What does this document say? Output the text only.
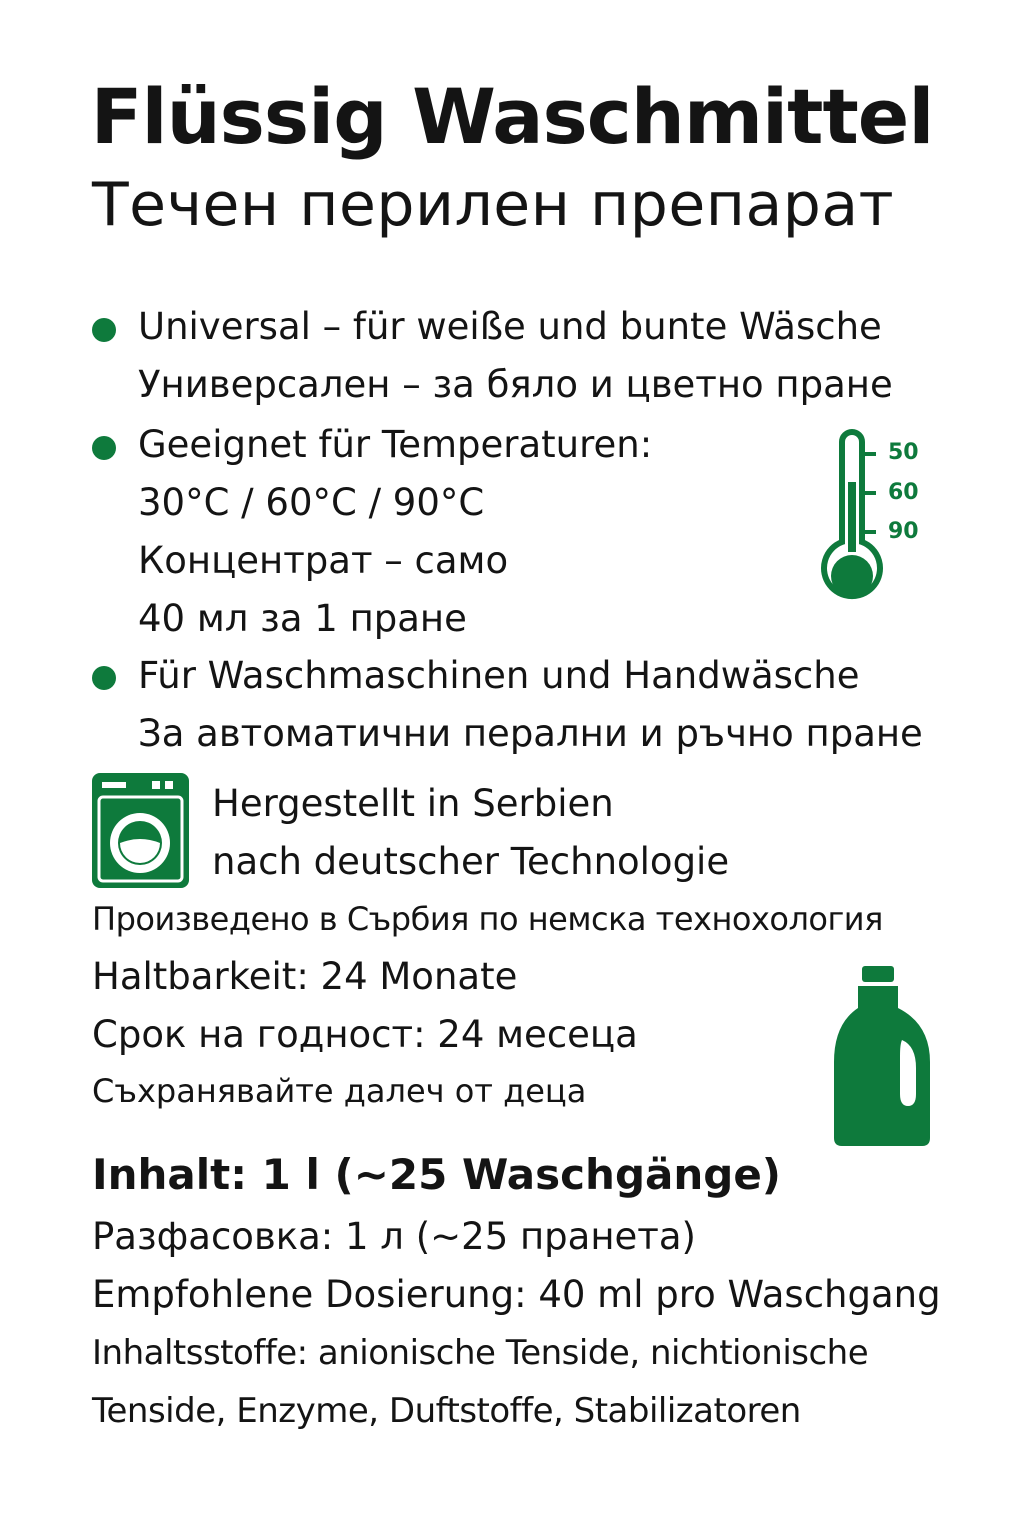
Flüssig Waschmittel
Течен перилен препарат
Universal – für weiße und bunte Wäsche
Универсален – за бяло и цветно пране
Geeignet für Temperaturen:
30°C / 60°C / 90°C
Концентрат – само
40 мл за 1 пране
50
60
90
Für Waschmaschinen und Handwäsche
За автоматични перални и ръчно пране
Hergestellt in Serbien
nach deutscher Technologie
Произведено в Сърбия по немска технохология
Haltbarkeit: 24 Monate
Срок на годност: 24 месеца
Съхранявайте далеч от деца
Inhalt: 1 l (~25 Waschgänge)
Разфасовка: 1 л (~25 пранета)
Empfohlene Dosierung: 40 ml pro Waschgang
Inhaltsstoffe: anionische Tenside, nichtionische
Tenside, Enzyme, Duftstoffe, Stabilizatoren
